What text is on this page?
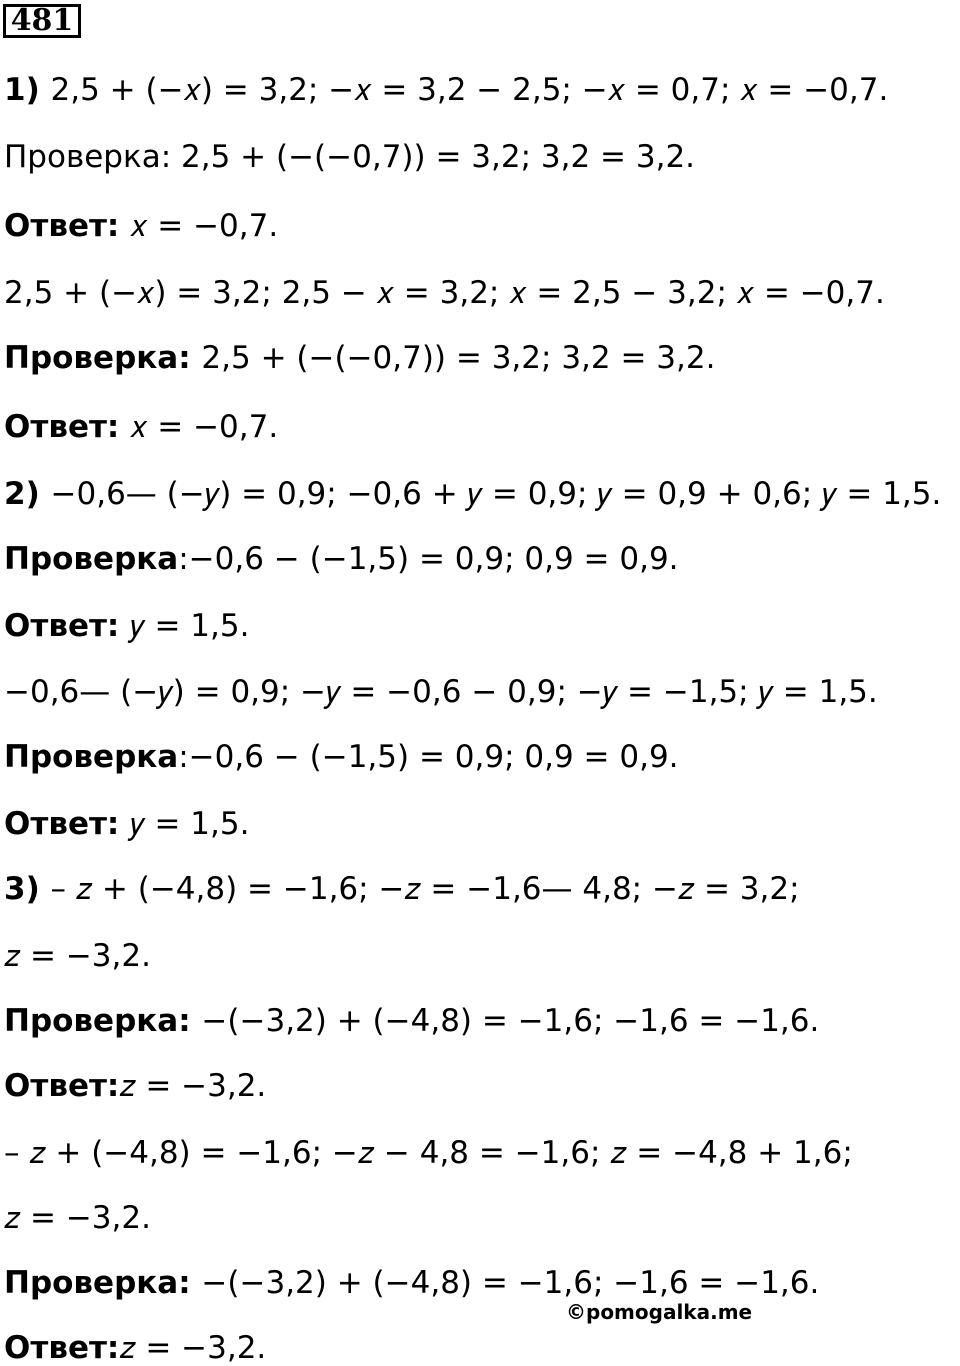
481
1) 2,5 + (−𝑥) = 3,2; −𝑥 = 3,2 − 2,5; −𝑥 = 0,7; 𝑥 = −0,7.
Проверка: 2,5 + (−(−0,7)) = 3,2; 3,2 = 3,2.
Ответ: 𝑥 = −0,7.
2,5 + (−𝑥) = 3,2; 2,5 − 𝑥 = 3,2; 𝑥 = 2,5 − 3,2; 𝑥 = −0,7.
Проверка: 2,5 + (−(−0,7)) = 3,2; 3,2 = 3,2.
Ответ: 𝑥 = −0,7.
2) −0,6— (−𝑦) = 0,9; −0,6 + 𝑦 = 0,9; 𝑦 = 0,9 + 0,6; 𝑦 = 1,5.
Проверка:−0,6 − (−1,5) = 0,9; 0,9 = 0,9.
Ответ: 𝑦 = 1,5.
−0,6— (−𝑦) = 0,9; −𝑦 = −0,6 − 0,9; −𝑦 = −1,5; 𝑦 = 1,5.
Проверка:−0,6 − (−1,5) = 0,9; 0,9 = 0,9.
Ответ: 𝑦 = 1,5.
3) – 𝑧 + (−4,8) = −1,6; −𝑧 = −1,6— 4,8; −𝑧 = 3,2;
𝑧 = −3,2.
Проверка: −(−3,2) + (−4,8) = −1,6; −1,6 = −1,6.
Ответ:𝑧 = −3,2.
– 𝑧 + (−4,8) = −1,6; −𝑧 − 4,8 = −1,6; 𝑧 = −4,8 + 1,6;
𝑧 = −3,2.
Проверка: −(−3,2) + (−4,8) = −1,6; −1,6 = −1,6.
Ответ:𝑧 = −3,2.
©pomogalka.me
